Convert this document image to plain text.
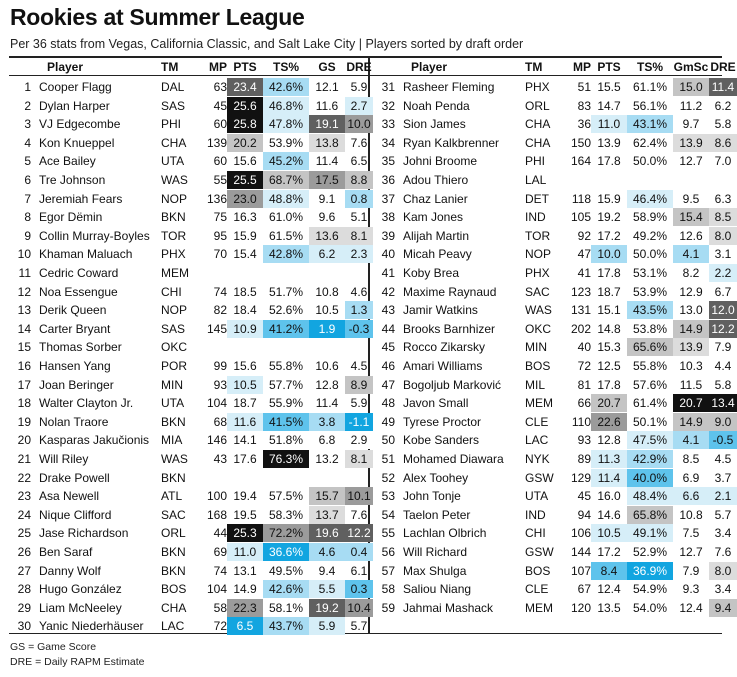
Rookies at Summer League
Per 36 stats from Vegas, California Classic, and Salt Lake City | Players sorted by draft order
Player	TM	MP PTS	TS%	GS DRE
1 Cooper Flagg	DAL	63 23.4	42.6%	12.1 5.9
2 Dylan Harper	SAS	45 25.6	46.8%	11.6	2.7
3 VJ Edgecombe	PHI	60 25.8	47.8%	19.1 10.0
4 Kon Knueppel	CHA	139 20.2	53.9%	13.8 7.6
5 Ace Bailey	UTA	60 15.6	45.2%	11.4	6.5
6 Tre Johnson	WAS	55 25.5	68.7%	17.5 8.8
7 Jeremiah Fears	NOP	136 23.0	48.8%	9.1	0.8
8 Egor Dëmin	BKN	75 16.3	61.0%	9.6	5.1
9 Collin Murray-Boyles TOR	95 15.9	61.5%	13.6 8.1
10 Khaman Maluach	PHX	70 15.4	42.8%	6.2	2.3
11 Cedric Coward	MEM
12 Noa Essengue	CHI	74 18.5	51.7%	10.8 4.6
13 Derik Queen	NOP	82 18.4	52.6%	10.5 1.3
14 Carter Bryant	SAS	145 10.9	41.2%	1.9	-0.3
15 Thomas Sorber	OKC
16 Hansen Yang	POR	99 15.6	55.8%	10.6 4.5
17 Joan Beringer	MIN	93 10.5	57.7%	12.8 8.9
18 Walter Clayton Jr.	UTA	104 18.7	55.9%	11.4	5.9
19 Nolan Traore	BKN	68 11.6	41.5%	3.8	-1.1
20 Kasparas Jakučionis MIA	146 14.1	51.8%	6.8	2.9
21 Will Riley	WAS	43 17.6	76.3%	13.2 8.1
22 Drake Powell	BKN
23 Asa Newell	ATL	100 19.4	57.5%	15.7 10.1
24 Nique Clifford	SAC	168 19.5	58.3%	13.7 7.6
25 Jase Richardson	ORL	44 25.3	72.2%	19.6 12.2
26 Ben Saraf	BKN	69 11.0	36.6%	4.6	0.4
27 Danny Wolf	BKN	74 13.1	49.5%	9.4	6.1
28 Hugo González	BOS	104 14.9	42.6%	5.5	0.3
29 Liam McNeeley	CHA	58 22.3	58.1%	19.2 10.4
30 Yanic Niederhäuser	LAC	72 6.5	43.7%	5.9	5.7
Player	TM	MP PTS	TS% GmSc DRE
31 Rasheer Fleming	PHX	51 15.5	61.1%	15.0 11.4
32 Noah Penda	ORL	83 14.7	56.1%	11.2	6.2
33 Sion James	CHA	36 11.0	43.1%	9.7	5.8
34 Ryan Kalkbrenner	CHA	150 13.9	62.4%	13.9 8.6
35 Johni Broome	PHI	164 17.8	50.0%	12.7 7.0
36 Adou Thiero	LAL
37 Chaz Lanier	DET	118 15.9	46.4%	9.5	6.3
38 Kam Jones	IND	105 19.2	58.9%	15.4 8.5
39 Alijah Martin	TOR	92 17.2	49.2%	12.6 8.0
40 Micah Peavy	NOP	47 10.0	50.0%	4.1	3.1
41 Koby Brea	PHX	41 17.8	53.1%	8.2	2.2
42 Maxime Raynaud	SAC	123 18.7	53.9%	12.9 6.7
43 Jamir Watkins	WAS	131 15.1	43.5%	13.0 12.0
44 Brooks Barnhizer	OKC	202 14.8	53.8%	14.9 12.2
45 Rocco Zikarsky	MIN	40 15.3	65.6%	13.9 7.9
46 Amari Williams	BOS	72 12.5	55.8%	10.3 4.4
47 Bogoljub Marković	MIL	81 17.8	57.6%	11.5	5.8
48 Javon Small	MEM	66 20.7	61.4%	20.7 13.4
49 Tyrese Proctor	CLE	110 22.6	50.1%	14.9 9.0
50 Kobe Sanders	LAC	93 12.8	47.5%	4.1	-0.5
51 Mohamed Diawara	NYK	89 11.3	42.9%	8.5	4.5
52 Alex Toohey	GSW	129 11.4	40.0%	6.9	3.7
53 John Tonje	UTA	45 16.0	48.4%	6.6	2.1
54 Taelon Peter	IND	94 14.6	65.8%	10.8 5.7
55 Lachlan Olbrich	CHI	106 10.5	49.1%	7.5	3.4
56 Will Richard	GSW	144 17.2	52.9%	12.7 7.6
57 Max Shulga	BOS	107 8.4	36.9%	7.9	8.0
58 Saliou Niang	CLE	67 12.4	54.9%	9.3	3.4
59 Jahmai Mashack	MEM	120 13.5	54.0%	12.4 9.4
GS = Game Score
DRE = Daily RAPM Estimate
